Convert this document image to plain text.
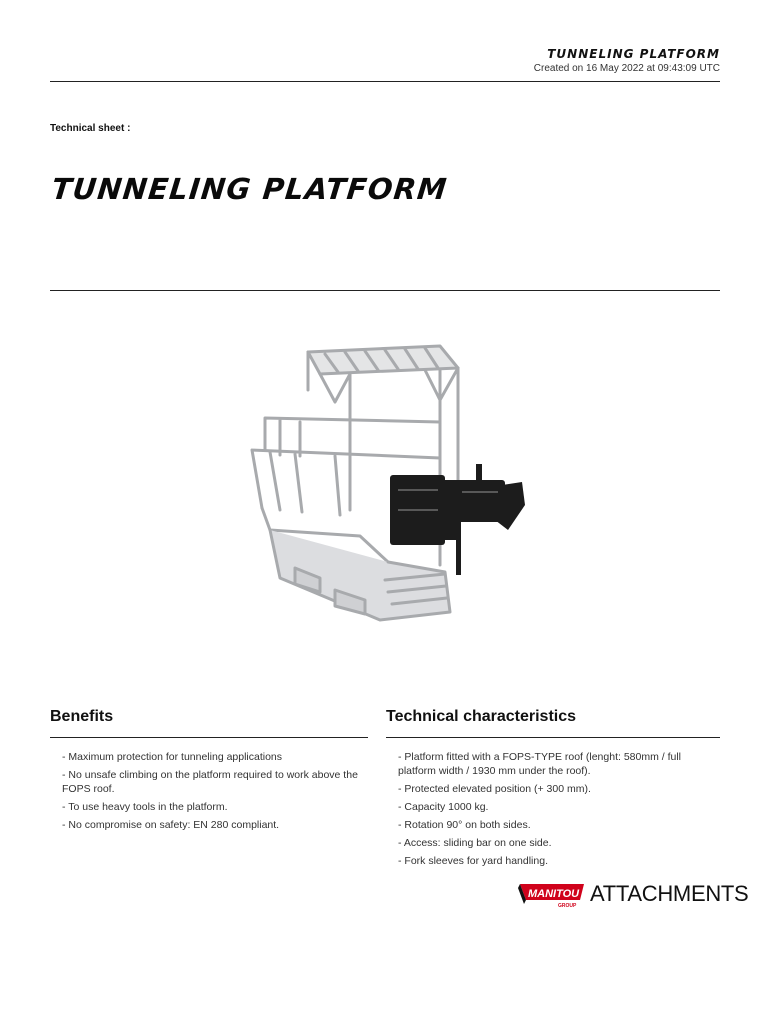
TUNNELING PLATFORM
Created on 16 May 2022 at 09:43:09 UTC
Technical sheet :
TUNNELING PLATFORM
Benefits
- Maximum protection for tunneling applications
- No unsafe climbing on the platform required to work above the FOPS roof.
- To use heavy tools in the platform.
- No compromise on safety: EN 280 compliant.
Technical characteristics
- Platform fitted with a FOPS-TYPE roof (lenght: 580mm / full platform width / 1930 mm under the roof).
- Protected elevated position (+ 300 mm).
- Capacity 1000 kg.
- Rotation 90° on both sides.
- Access: sliding bar on one side.
- Fork sleeves for yard handling.
MANITOU
GROUP ATTACHMENTS
